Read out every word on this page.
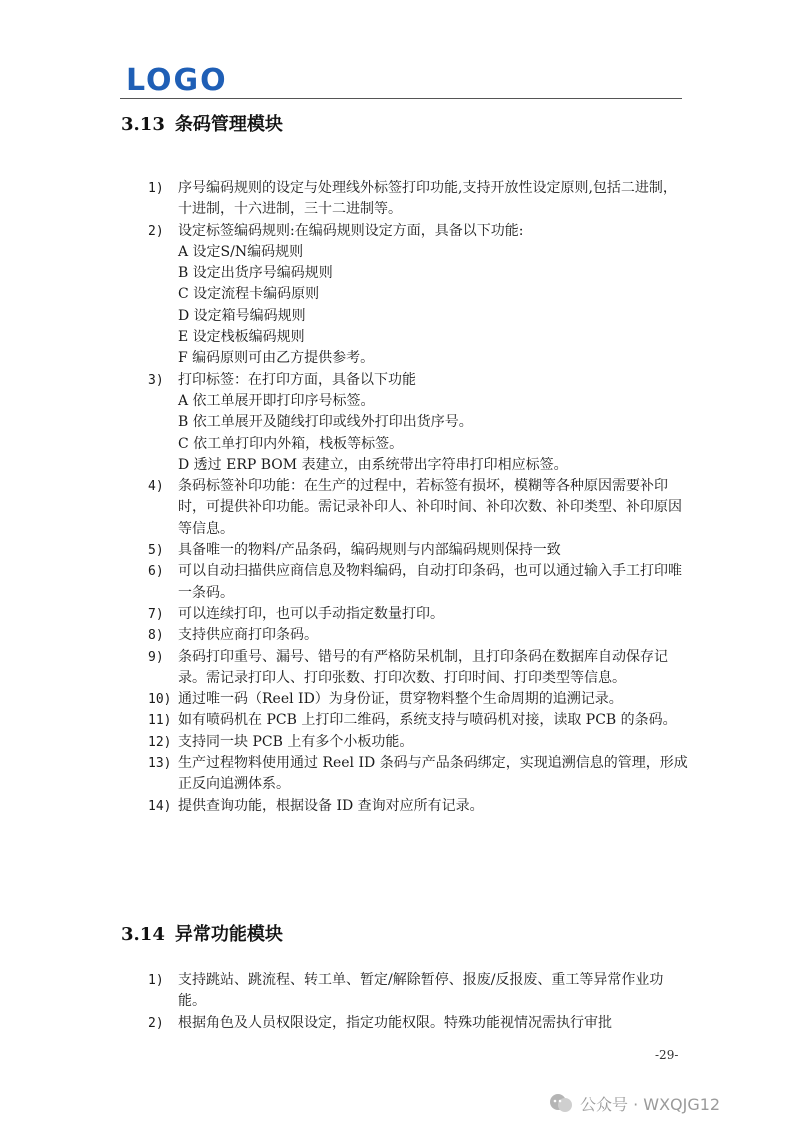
LOGO
3.13 条码管理模块
1)	序号编码规则的设定与处理线外标签打印功能,支持开放性设定原则,包括二进制，十进制，十六进制，三十二进制等。
2)	设定标签编码规则:在编码规则设定方面，具备以下功能:
A 设定S/N编码规则
B 设定出货序号编码规则
C 设定流程卡编码原则
D 设定箱号编码规则
E 设定栈板编码规则
F 编码原则可由乙方提供参考。
3)	打印标签：在打印方面，具备以下功能
A 依工单展开即打印序号标签。
B 依工单展开及随线打印或线外打印出货序号。
C 依工单打印内外箱，栈板等标签。
D 透过 ERP BOM 表建立，由系统带出字符串打印相应标签。
4)	条码标签补印功能：在生产的过程中，若标签有损坏，模糊等各种原因需要补印时，可提供补印功能。需记录补印人、补印时间、补印次数、补印类型、补印原因等信息。
5)	具备唯一的物料/产品条码，编码规则与内部编码规则保持一致
6)	可以自动扫描供应商信息及物料编码，自动打印条码，也可以通过输入手工打印唯一条码。
7)	可以连续打印，也可以手动指定数量打印。
8)	支持供应商打印条码。
9)	条码打印重号、漏号、错号的有严格防呆机制，且打印条码在数据库自动保存记录。需记录打印人、打印张数、打印次数、打印时间、打印类型等信息。
10) 通过唯一码（Reel ID）为身份证，贯穿物料整个生命周期的追溯记录。
11) 如有喷码机在 PCB 上打印二维码，系统支持与喷码机对接，读取 PCB 的条码。
12) 支持同一块 PCB 上有多个小板功能。
13) 生产过程物料使用通过 Reel ID 条码与产品条码绑定，实现追溯信息的管理，形成正反向追溯体系。
14) 提供查询功能，根据设备 ID 查询对应所有记录。
3.14 异常功能模块
1)	支持跳站、跳流程、转工单、暂定/解除暂停、报废/反报废、重工等异常作业功能。
2)	根据角色及人员权限设定，指定功能权限。特殊功能视情况需执行审批
-29-
公众号 · WXQJG12
